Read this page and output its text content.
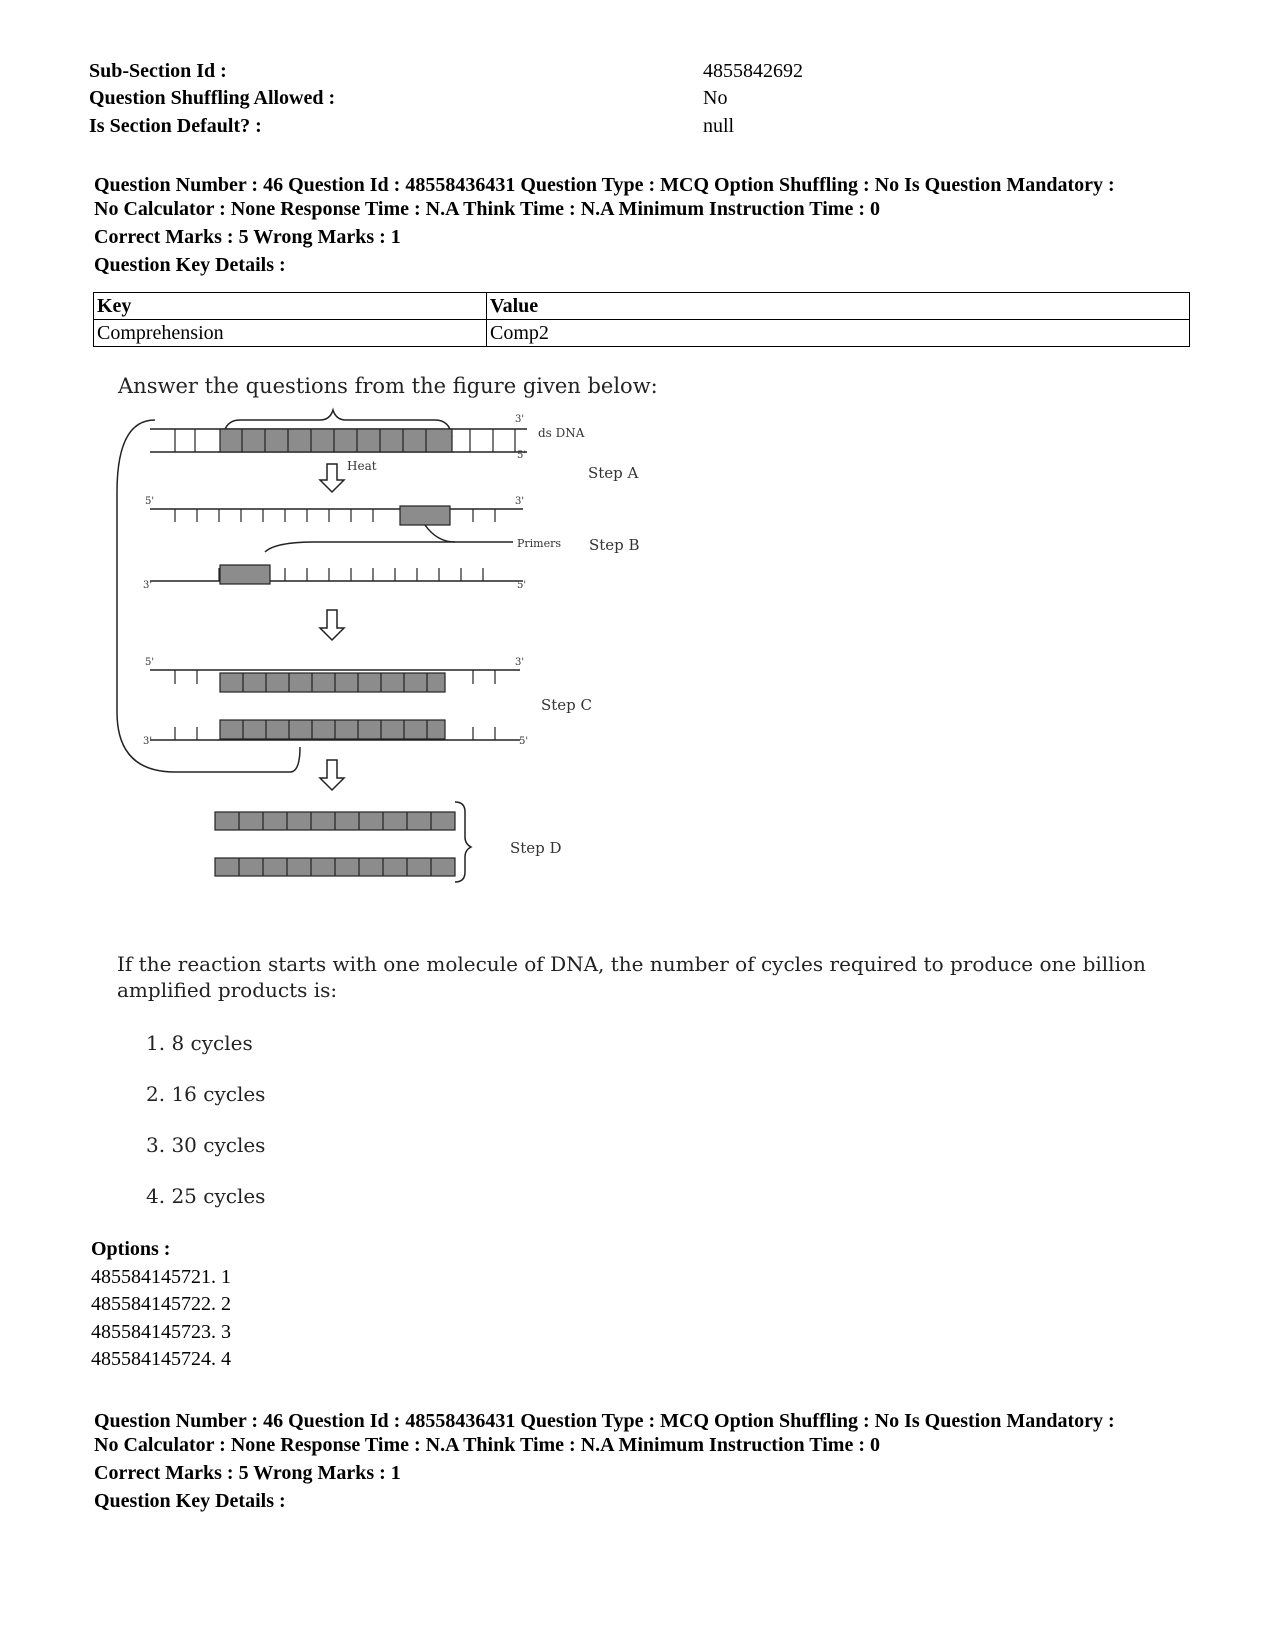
Sub-Section Id :	4855842692
Question Shuffling Allowed :	No
Is Section Default? :	null
Question Number : 46 Question Id : 48558436431 Question Type : MCQ Option Shuffling : No Is Question Mandatory :
No Calculator : None Response Time : N.A Think Time : N.A Minimum Instruction Time : 0
Correct Marks : 5 Wrong Marks : 1
Question Key Details :
Key	Value
Comprehension	Comp2
Answer the questions from the figure given below:
ds DNA
Heat	Step A
Primers Step B
Step C
Step D
3'
5'
5'	3'
3'	5'
5'	3'
3'	5'
If the reaction starts with one molecule of DNA, the number of cycles required to produce one billion
amplified products is:
1. 8 cycles
2. 16 cycles
3. 30 cycles
4. 25 cycles
Options :
485584145721. 1
485584145722. 2
485584145723. 3
485584145724. 4
Question Number : 46 Question Id : 48558436431 Question Type : MCQ Option Shuffling : No Is Question Mandatory :
No Calculator : None Response Time : N.A Think Time : N.A Minimum Instruction Time : 0
Correct Marks : 5 Wrong Marks : 1
Question Key Details :
